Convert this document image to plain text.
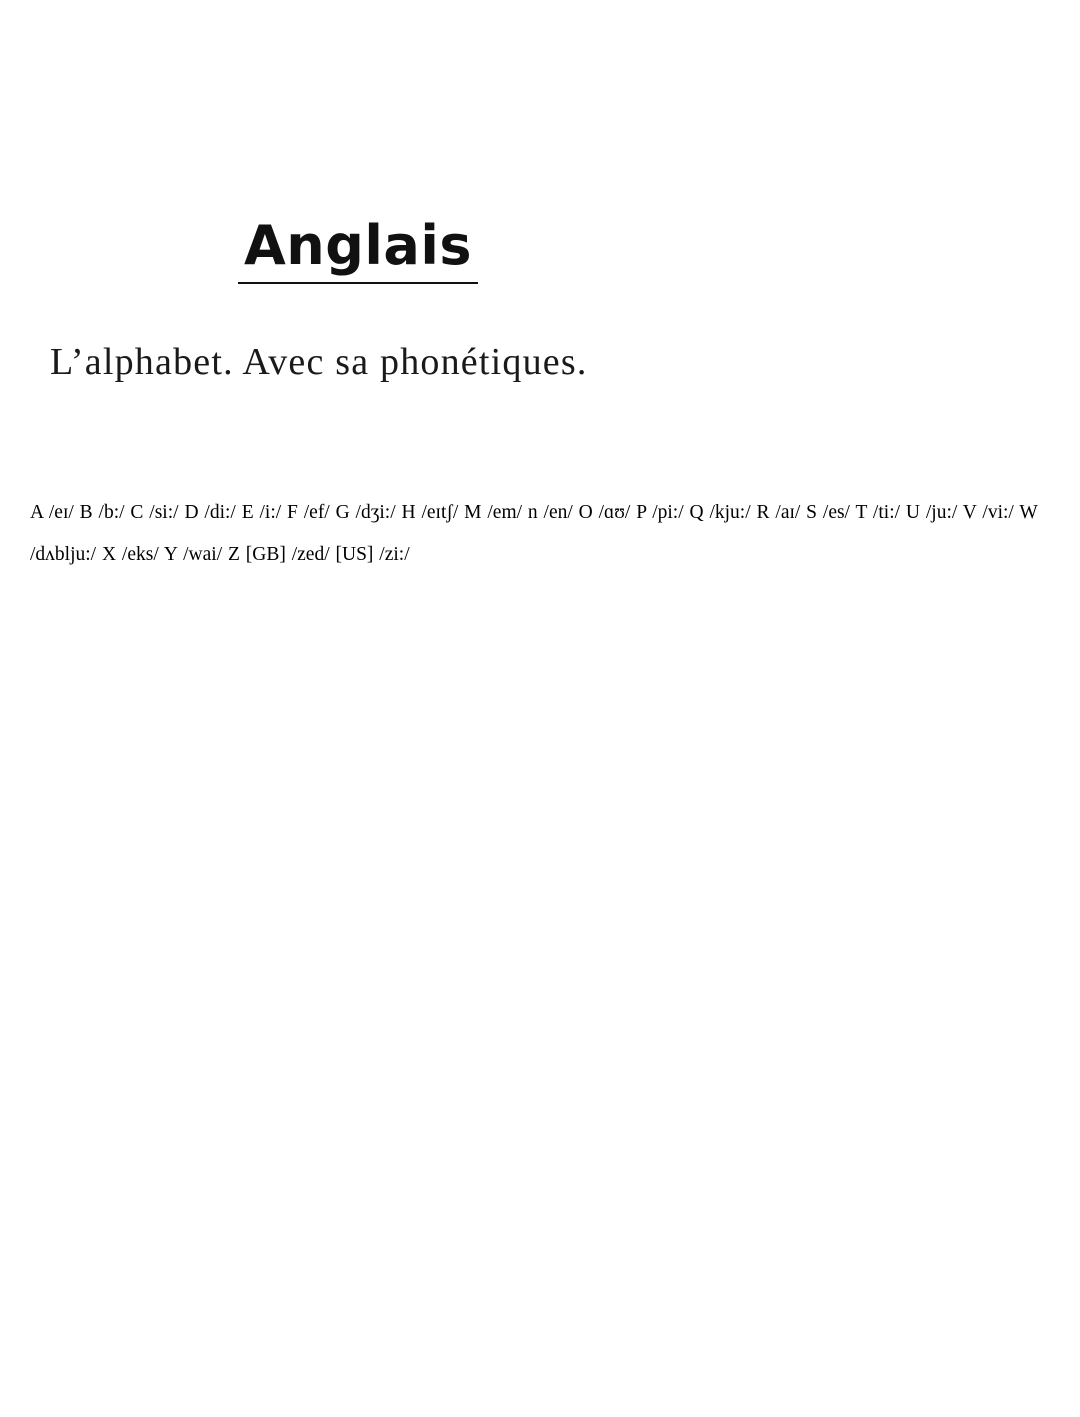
Anglais
L’alphabet. Avec sa phonétiques.

A /eɪ/ B /b:/ C /si:/ D /di:/ E /i:/ F /ef/ G /dʒi:/ H /eɪtʃ/ M /em/ n /en/ O /ɑʊ/ P /pi:/ Q /kju:/ R /aɪ/ S /es/ T /ti:/ U /ju:/ V /vi:/ W /dʌblju:/ X /eks/ Y /wai/ Z [GB] /zed/ [US] /zi:/
